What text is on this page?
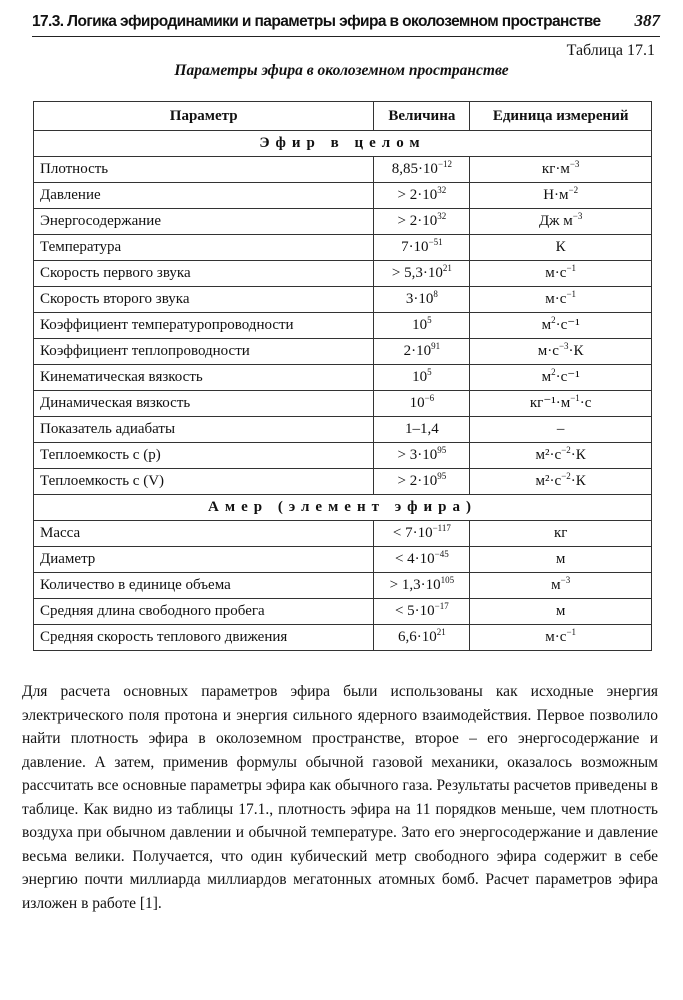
17.3. Логика эфиродинамики и параметры эфира в околоземном пространстве 387
Таблица 17.1
Параметры эфира в околоземном пространстве
Параметр	Величина	Единица измерений
Эфир в целом		
Плотность	$8,85\cdot 10^{-12}$	$кг\cdot м^{-3}$
Давление	> $2\cdot 10^{32}$	$Н\cdot м^{-2}$
Энергосодержание	> $2\cdot 10^{32}$	Дж $м^{-3}$
Температура	$7\cdot 10^{-51}$	К
Скорость первого звука	> $5,3\cdot 10^{21}$	$м\cdot с^{-1}$
Скорость второго звука	$3\cdot 10^8$	$м\cdot с^{-1}$
Коэффициент температуропроводности	$10^5$	$м^2\cdot с^{-1}$
Коэффициент теплопроводности	$2\cdot 10^{91}$	$м\cdot с^{-3}\cdot К$
Кинематическая вязкость	$10^5$	$м^2\cdot с^{-1}$
Динамическая вязкость	$10^{-6}$	$кг^{-1}\cdot м^{-1}\cdot с$
Показатель адиабаты	1–1,4	–
Теплоемкость с (р)	> $3\cdot 10^{95}$	$м^2\cdot с^{-2}\cdot К$
Теплоемкость с (V)	> $2\cdot 10^{95}$	$м^2\cdot с^{-2}\cdot К$
Амер (элемент эфира)		
Масса	< $7\cdot 10^{-117}$	кг
Диаметр	< $4\cdot 10^{-45}$	м
Количество в единице объема	> $1,3\cdot 10^{105}$	$м^{-3}$
Средняя длина свободного пробега	< $5\cdot 10^{-17}$	м
Средняя скорость теплового движения	$6,6\cdot 10^{21}$	$м\cdot с^{-1}$

Для расчета основных параметров эфира были использованы как исходные энергия электрического поля протона и энергия сильного ядерного взаимодействия. Первое позволило найти плотность эфира в околоземном пространстве, второе – его энергосодержание и давление. А затем, применив формулы обычной газовой механики, оказалось возможным рассчитать все основные параметры эфира как обычного газа. Результаты расчетов приведены в таблице. Как видно из таблицы 17.1., плотность эфира на 11 порядков меньше, чем плотность воздуха при обычном давлении и обычной температуре. Зато его энергосодержание и давление весьма велики. Получается, что один кубический метр свободного эфира содержит в себе энергию почти миллиарда миллиардов мегатонных атомных бомб. Расчет параметров эфира изложен в работе [1].
